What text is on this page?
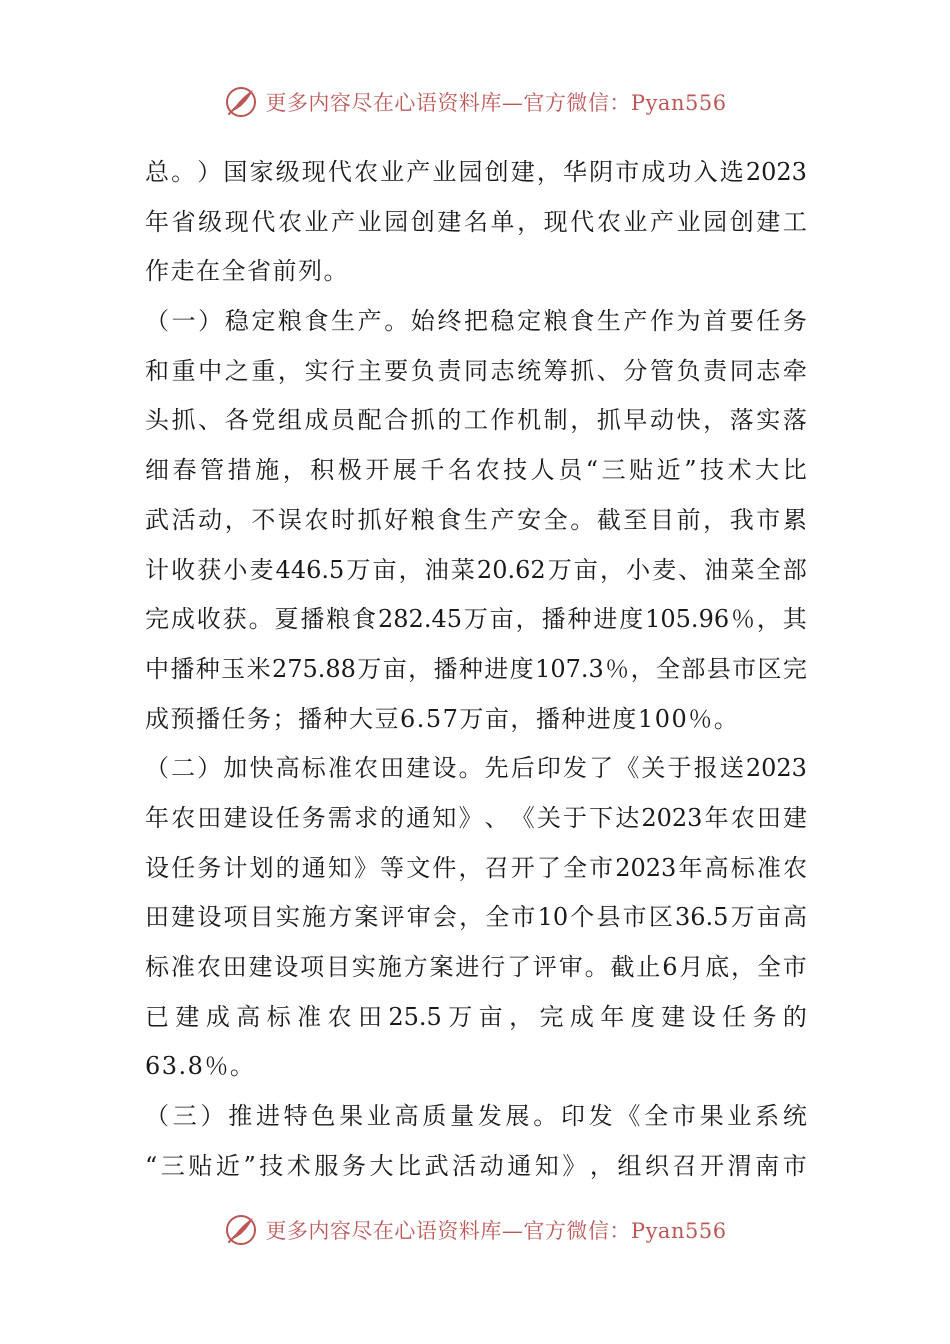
更多内容尽在心语资料库—官方微信：Pyan556
总 。 ） 国 家 级 现 代 农 业 产 业 园 创 建 ， 华 阴 市 成 功 入 选 2023
年 省 级 现 代 农 业 产 业 园 创 建 名 单 ， 现 代 农 业 产 业 园 创 建 工
作走在全省前列。
（ 一 ） 稳 定 粮 食 生 产 。 始 终 把 稳 定 粮 食 生 产 作 为 首 要 任 务
和 重 中 之 重 ， 实 行 主 要 负 责 同 志 统 筹 抓 、 分 管 负 责 同 志 牵
头 抓 、 各 党 组 成 员 配 合 抓 的 工 作 机 制 ， 抓 早 动 快 ， 落 实 落
细 春 管 措 施 ， 积 极 开 展 千 名 农 技 人 员 “ 三 贴 近 ” 技 术 大 比
武 活 动 ， 不 误 农 时 抓 好 粮 食 生 产 安 全 。 截 至 目 前 ， 我 市 累
计 收 获 小 麦 446.5 万 亩 ， 油 菜 20.62 万 亩 ， 小 麦 、 油 菜 全 部
完 成 收 获 。 夏 播 粮 食 282.45 万 亩 ， 播 种 进 度 105.96 ％ ， 其
中 播 种 玉 米 275.88 万 亩 ， 播 种 进 度 107.3 ％ ， 全 部 县 市 区 完
成预播任务；播种大豆6.57万亩，播种进度100％。
（ 二 ） 加 快 高 标 准 农 田 建 设 。 先 后 印 发 了 《 关 于 报 送 2023
年 农 田 建 设 任 务 需 求 的 通 知 》 、 《 关 于 下 达 2023 年 农 田 建
设 任 务 计 划 的 通 知 》 等 文 件 ， 召 开 了 全 市 2023 年 高 标 准 农
田 建 设 项 目 实 施 方 案 评 审 会 ， 全 市 10 个 县 市 区 36.5 万 亩 高
标 准 农 田 建 设 项 目 实 施 方 案 进 行 了 评 审 。 截 止 6 月 底 ， 全 市
已 建 成 高 标 准 农 田 25.5 万 亩 ， 完 成 年 度 建 设 任 务 的
63.8％。
（ 三 ） 推 进 特 色 果 业 高 质 量 发 展 。 印 发 《 全 市 果 业 系 统
“ 三 贴 近 ” 技 术 服 务 大 比 武 活 动 通 知 》 ， 组 织 召 开 渭 南 市
更多内容尽在心语资料库—官方微信：Pyan556
